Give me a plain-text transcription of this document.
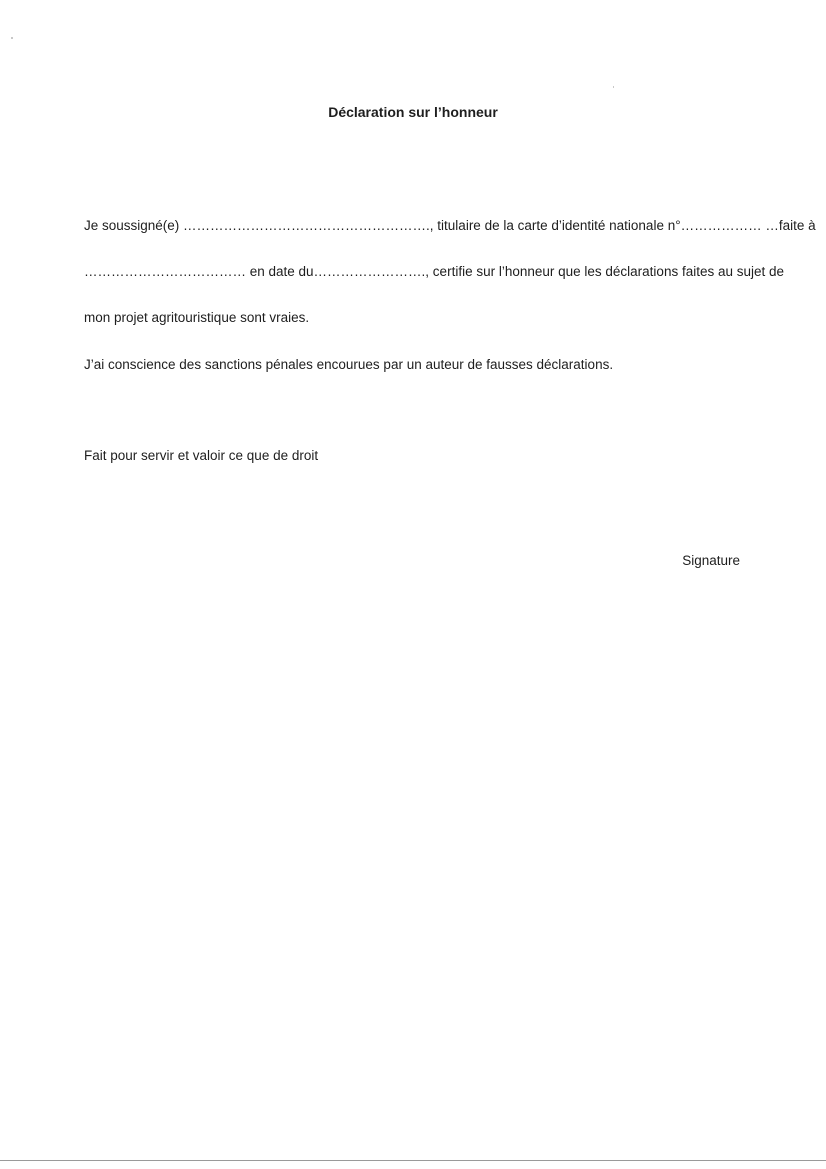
Déclaration sur l’honneur
Je soussigné(e) ………………………………………………., titulaire de la carte d’identité nationale n°……………… …faite à
……………………………… en date du……………………., certifie sur l’honneur que les déclarations faites au sujet de
mon projet agritouristique sont vraies.
J’ai conscience des sanctions pénales encourues par un auteur de fausses déclarations.
Fait pour servir et valoir ce que de droit
Signature
